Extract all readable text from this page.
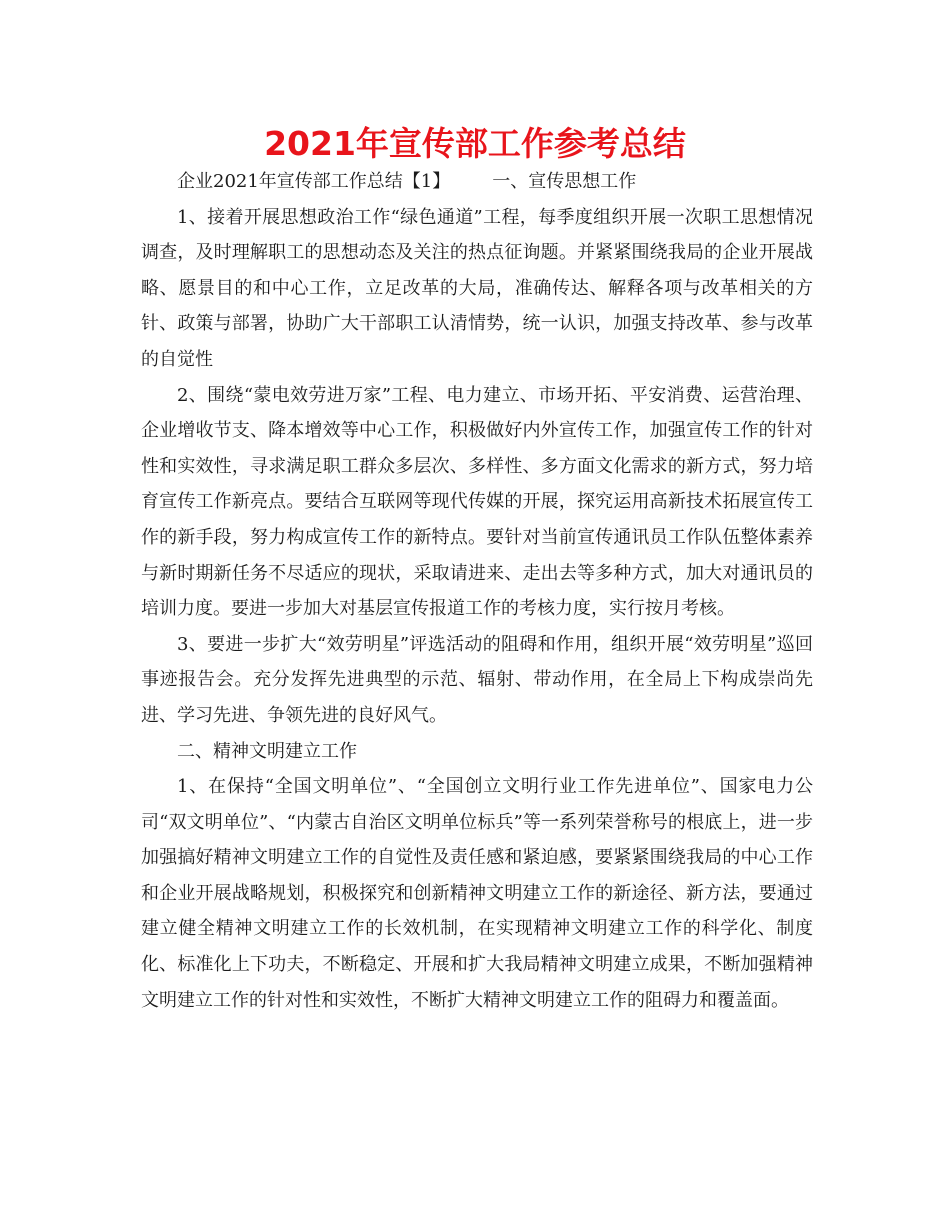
2021年宣传部工作参考总结

企业2021年宣传部工作总结【1】 一、宣传思想工作

1、接着开展思想政治工作“绿色通道”工程，每季度组织开展一次职工思想情况调查，及时理解职工的思想动态及关注的热点征询题。并紧紧围绕我局的企业开展战略、愿景目的和中心工作，立足改革的大局，准确传达、解释各项与改革相关的方针、政策与部署，协助广大干部职工认清情势，统一认识，加强支持改革、参与改革的自觉性

2、围绕“蒙电效劳进万家”工程、电力建立、市场开拓、平安消费、运营治理、企业增收节支、降本增效等中心工作，积极做好内外宣传工作，加强宣传工作的针对性和实效性，寻求满足职工群众多层次、多样性、多方面文化需求的新方式，努力培育宣传工作新亮点。要结合互联网等现代传媒的开展，探究运用高新技术拓展宣传工作的新手段，努力构成宣传工作的新特点。要针对当前宣传通讯员工作队伍整体素养与新时期新任务不尽适应的现状，采取请进来、走出去等多种方式，加大对通讯员的培训力度。要进一步加大对基层宣传报道工作的考核力度，实行按月考核。

3、要进一步扩大“效劳明星”评选活动的阻碍和作用，组织开展“效劳明星”巡回事迹报告会。充分发挥先进典型的示范、辐射、带动作用，在全局上下构成崇尚先进、学习先进、争领先进的良好风气。

二、精神文明建立工作

1、在保持“全国文明单位”、“全国创立文明行业工作先进单位”、国家电力公司“双文明单位”、“内蒙古自治区文明单位标兵”等一系列荣誉称号的根底上，进一步加强搞好精神文明建立工作的自觉性及责任感和紧迫感，要紧紧围绕我局的中心工作和企业开展战略规划，积极探究和创新精神文明建立工作的新途径、新方法，要通过建立健全精神文明建立工作的长效机制，在实现精神文明建立工作的科学化、制度化、标准化上下功夫，不断稳定、开展和扩大我局精神文明建立成果，不断加强精神文明建立工作的针对性和实效性，不断扩大精神文明建立工作的阻碍力和覆盖面。
